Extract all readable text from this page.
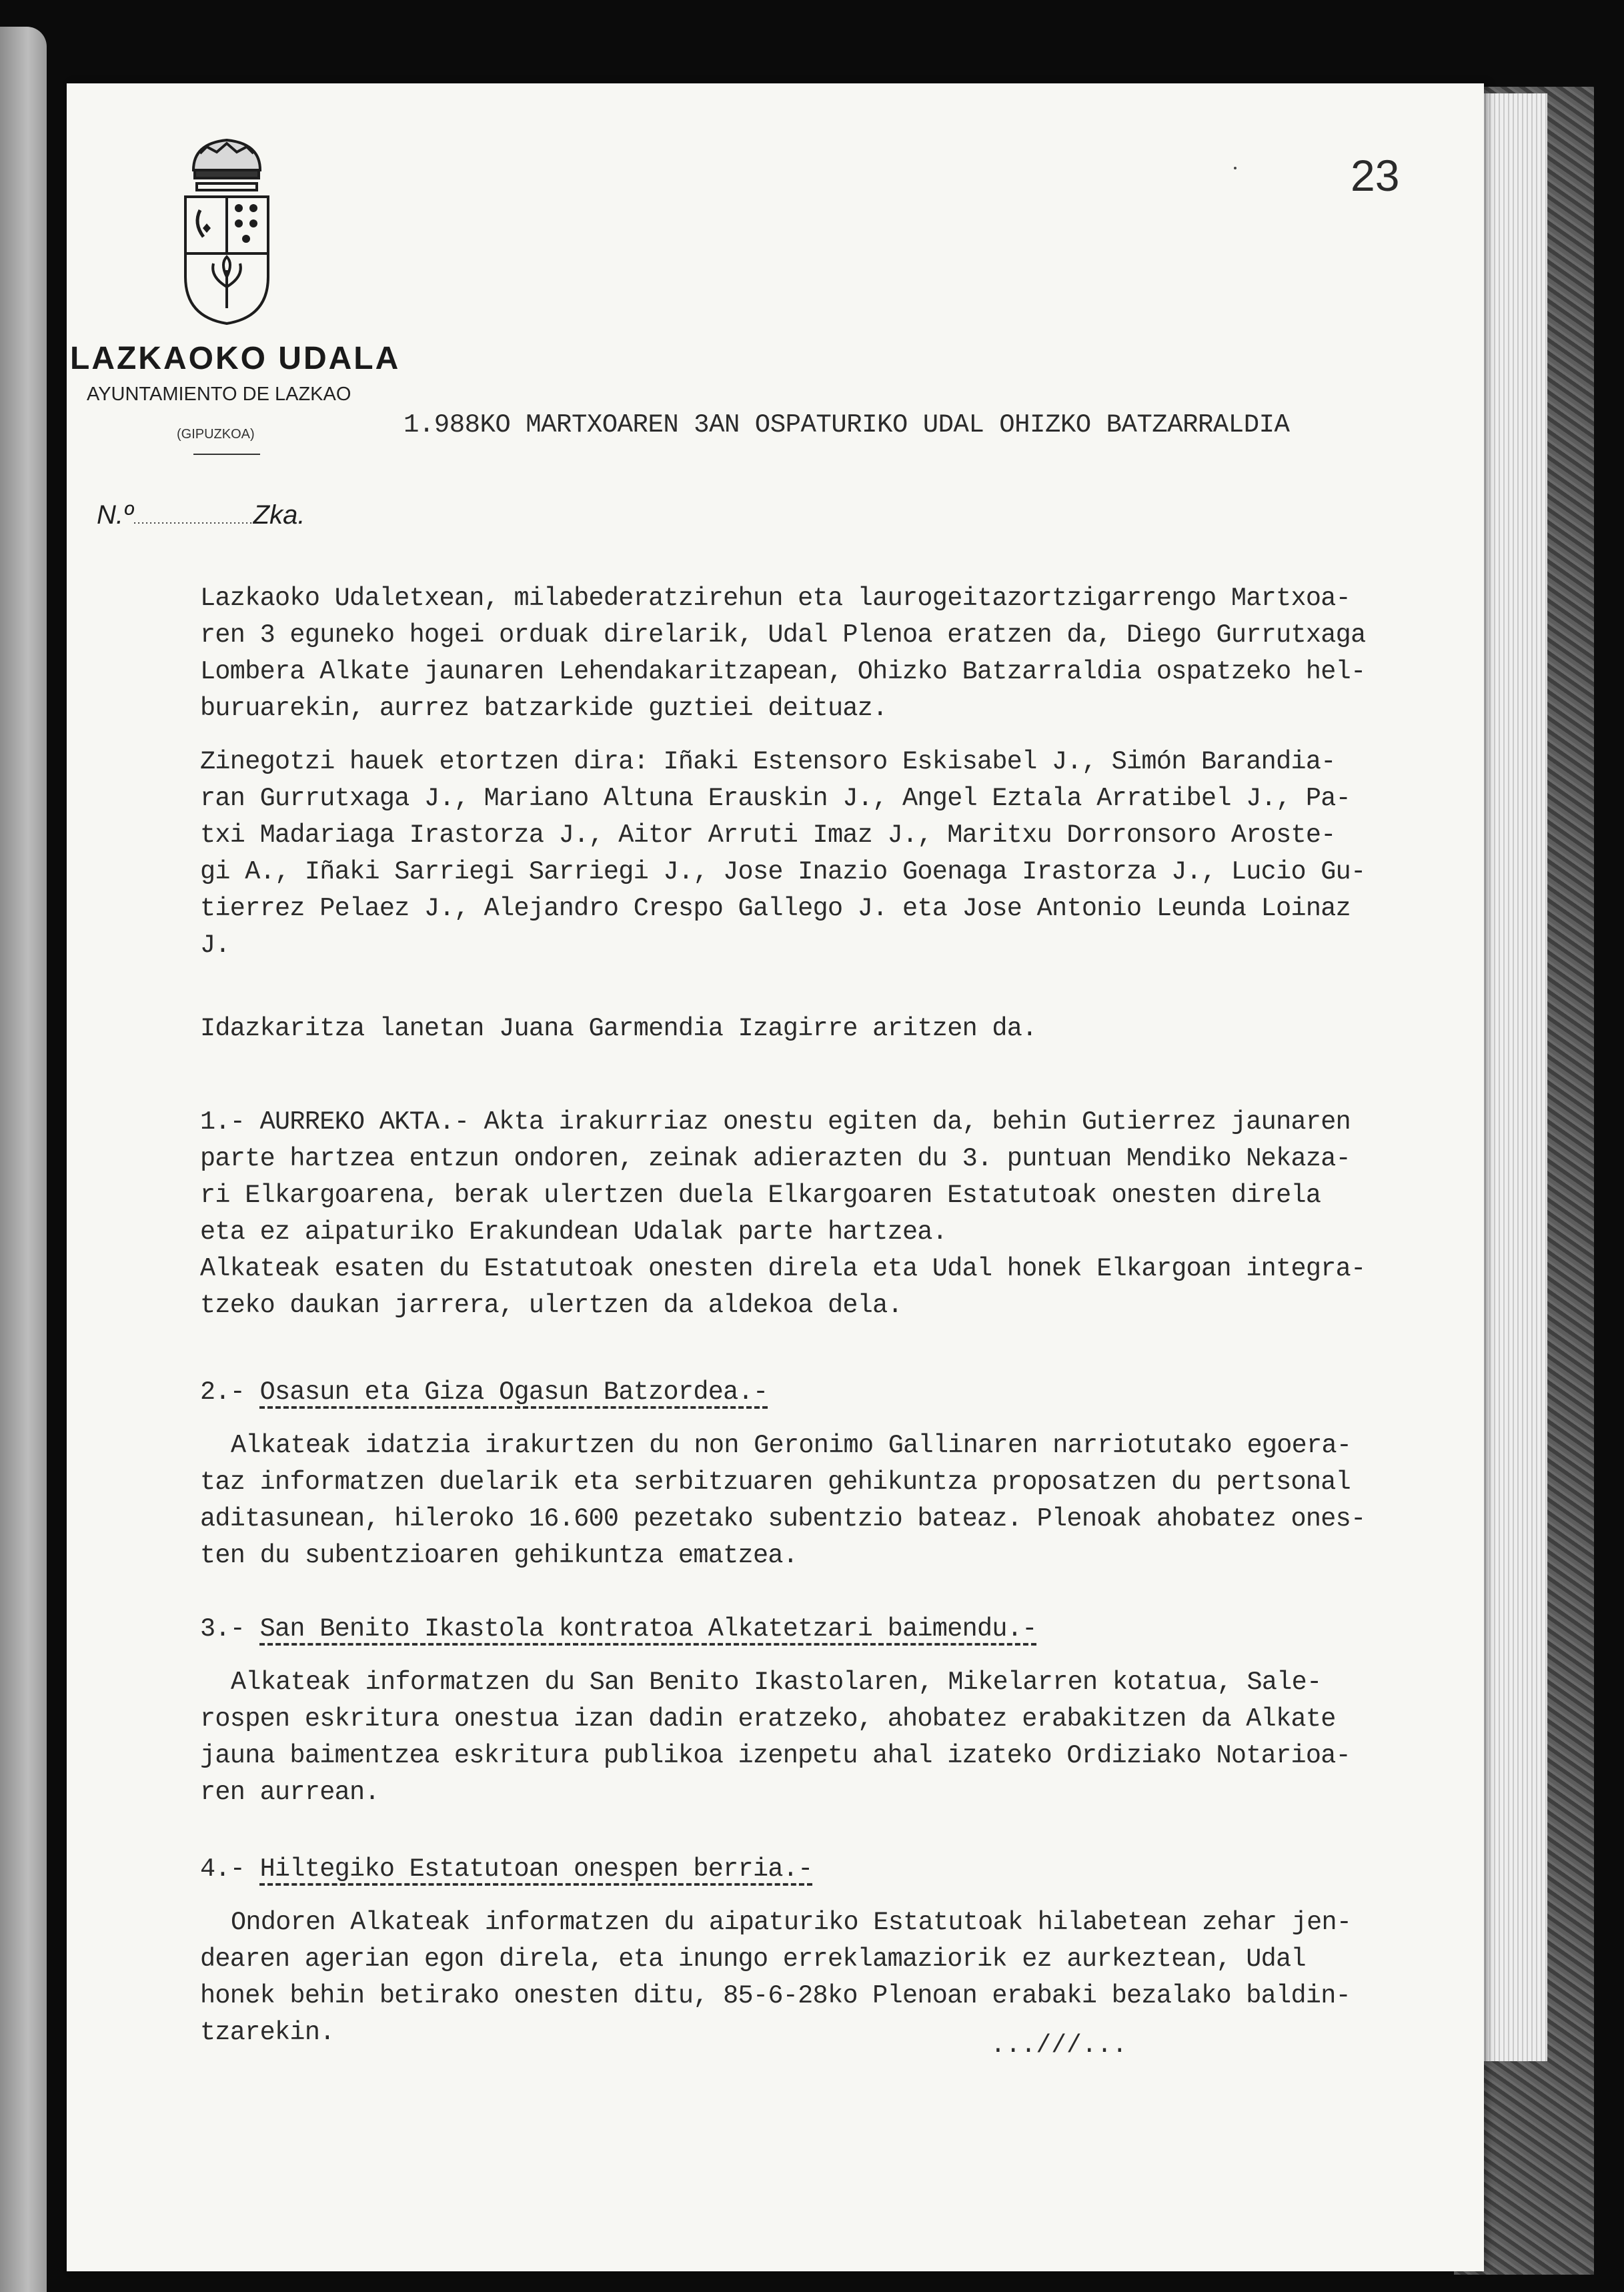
LAZKAOKO UDALA
AYUNTAMIENTO DE LAZKAO
(GIPUZKOA)
N.º..............................Zka.
23
1.988KO MARTXOAREN 3AN OSPATURIKO UDAL OHIZKO BATZARRALDIA
Lazkaoko Udaletxean, milabederatzirehun eta laurogeitazortzigarrengo Martxoa-
ren 3 eguneko hogei orduak direlarik, Udal Plenoa eratzen da, Diego Gurrutxaga
Lombera Alkate jaunaren Lehendakaritzapean, Ohizko Batzarraldia ospatzeko hel-
buruarekin, aurrez batzarkide guztiei deituaz.
Zinegotzi hauek etortzen dira: Iñaki Estensoro Eskisabel J., Simón Barandia-
ran Gurrutxaga J., Mariano Altuna Erauskin J., Angel Eztala Arratibel J., Pa-
txi Madariaga Irastorza J., Aitor Arruti Imaz J., Maritxu Dorronsoro Aroste-
gi A., Iñaki Sarriegi Sarriegi J., Jose Inazio Goenaga Irastorza J., Lucio Gu-
tierrez Pelaez J., Alejandro Crespo Gallego J. eta Jose Antonio Leunda Loinaz
J.
Idazkaritza lanetan Juana Garmendia Izagirre aritzen da.
1.- AURREKO AKTA.- Akta irakurriaz onestu egiten da, behin Gutierrez jaunaren
parte hartzea entzun ondoren, zeinak adierazten du 3. puntuan Mendiko Nekaza-
ri Elkargoarena, berak ulertzen duela Elkargoaren Estatutoak onesten direla
eta ez aipaturiko Erakundean Udalak parte hartzea.
Alkateak esaten du Estatutoak onesten direla eta Udal honek Elkargoan integra-
tzeko daukan jarrera, ulertzen da aldekoa dela.
2.- Osasun eta Giza Ogasun Batzordea.-
Alkateak idatzia irakurtzen du non Geronimo Gallinaren narriotutako egoera-
taz informatzen duelarik eta serbitzuaren gehikuntza proposatzen du pertsonal
aditasunean, hileroko 16.600 pezetako subentzio bateaz. Plenoak ahobatez ones-
ten du subentzioaren gehikuntza ematzea.
3.- San Benito Ikastola kontratoa Alkatetzari baimendu.-
Alkateak informatzen du San Benito Ikastolaren, Mikelarren kotatua, Sale-
rospen eskritura onestua izan dadin eratzeko, ahobatez erabakitzen da Alkate
jauna baimentzea eskritura publikoa izenpetu ahal izateko Ordiziako Notarioa-
ren aurrean.
4.- Hiltegiko Estatutoan onespen berria.-
Ondoren Alkateak informatzen du aipaturiko Estatutoak hilabetean zehar jen-
dearen agerian egon direla, eta inungo erreklamaziorik ez aurkeztean, Udal
honek behin betirako onesten ditu, 85-6-28ko Plenoan erabaki bezalako baldin-
tzarekin.	...///...
